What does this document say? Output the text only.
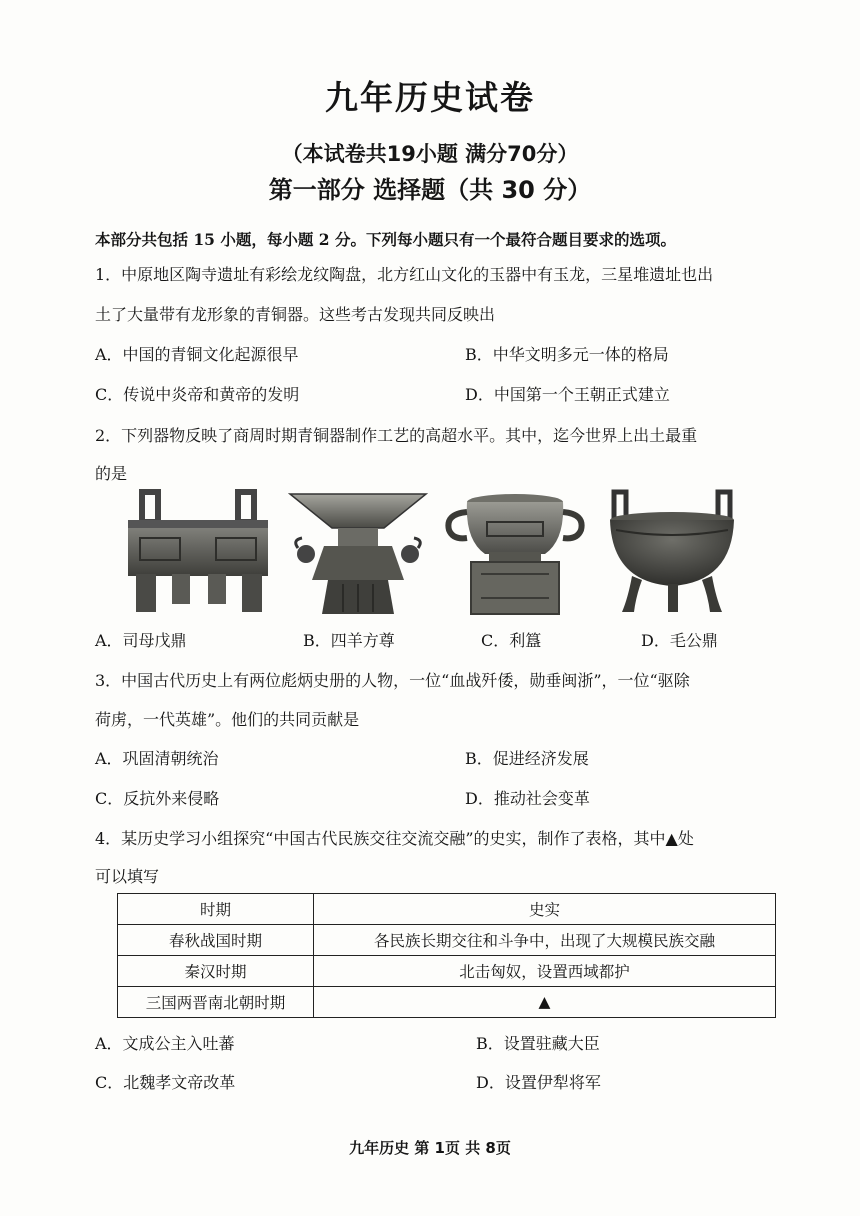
九年历史试卷
（本试卷共19小题 满分70分）
第一部分 选择题（共 30 分）
本部分共包括 15 小题，每小题 2 分。下列每小题只有一个最符合题目要求的选项。
1．中原地区陶寺遗址有彩绘龙纹陶盘，北方红山文化的玉器中有玉龙，三星堆遗址也出
土了大量带有龙形象的青铜器。这些考古发现共同反映出
A．中国的青铜文化起源很早	B．中华文明多元一体的格局
C．传说中炎帝和黄帝的发明	D．中国第一个王朝正式建立
2．下列器物反映了商周时期青铜器制作工艺的高超水平。其中，迄今世界上出土最重
的是
A．司母戊鼎	B．四羊方尊	C．利簋	D．毛公鼎
3．中国古代历史上有两位彪炳史册的人物，一位“血战歼倭，勋垂闽浙”，一位“驱除
荷虏，一代英雄”。他们的共同贡献是
A．巩固清朝统治	B．促进经济发展
C．反抗外来侵略	D．推动社会变革
4．某历史学习小组探究“中国古代民族交往交流交融”的史实，制作了表格，其中▲处
可以填写
时期	史实
春秋战国时期	各民族长期交往和斗争中，出现了大规模民族交融
秦汉时期	北击匈奴，设置西域都护
三国两晋南北朝时期	▲
A．文成公主入吐蕃	B．设置驻藏大臣
C．北魏孝文帝改革	D．设置伊犁将军
九年历史 第 1页 共 8页
